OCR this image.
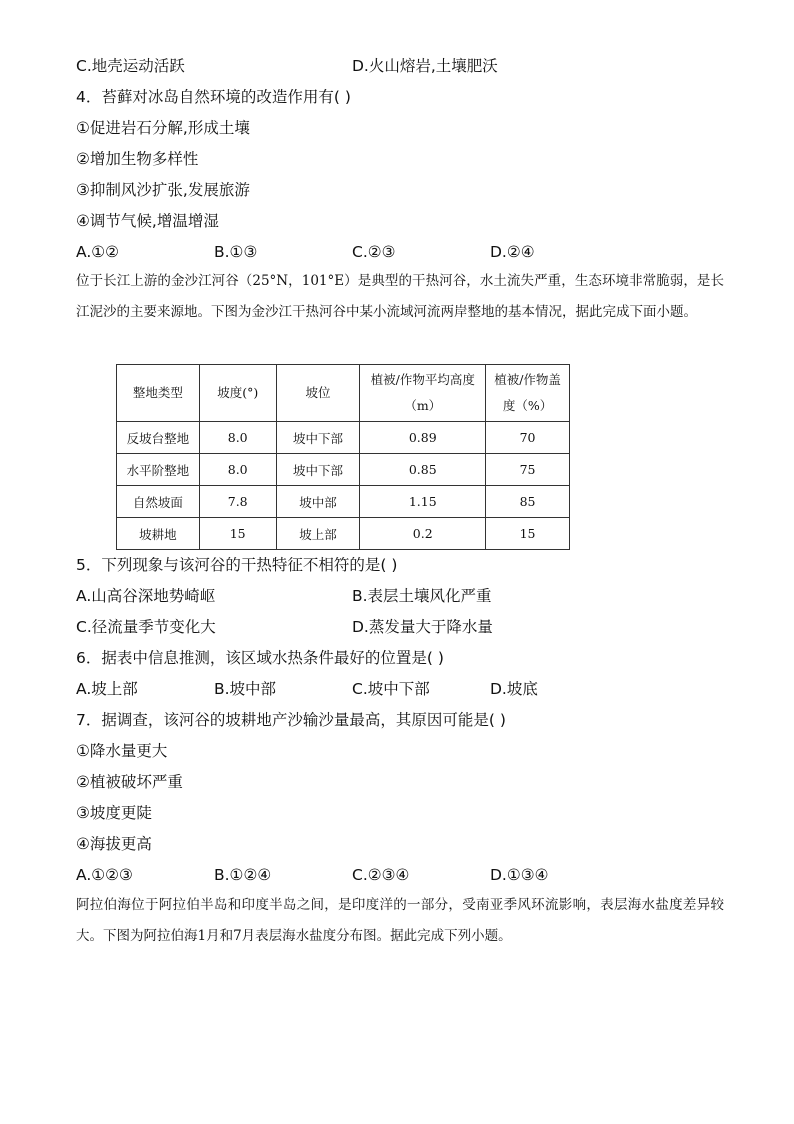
C.地壳运动活跃	D.火山熔岩,土壤肥沃
4．苔藓对冰岛自然环境的改造作用有( )
①促进岩石分解,形成土壤
②增加生物多样性
③抑制风沙扩张,发展旅游
④调节气候,增温增湿
A.①②	B.①③	C.②③	D.②④
位于长江上游的金沙江河谷（25°N，101°E）是典型的干热河谷，水土流失严重，生态环境非常脆弱，是长江泥沙的主要来源地。下图为金沙江干热河谷中某小流域河流两岸整地的基本情况，据此完成下面小题。
整地类型	坡度(°)	坡位	植被/作物平均高度（m）	植被/作物盖度（%）
反坡台整地	8.0	坡中下部	0.89	70
水平阶整地	8.0	坡中下部	0.85	75
自然坡面	7.8	坡中部	1.15	85
坡耕地	15	坡上部	0.2	15
5．下列现象与该河谷的干热特征不相符的是( )
A.山高谷深地势崎岖	B.表层土壤风化严重
C.径流量季节变化大	D.蒸发量大于降水量
6．据表中信息推测，该区域水热条件最好的位置是( )
A.坡上部	B.坡中部	C.坡中下部	D.坡底
7．据调查，该河谷的坡耕地产沙输沙量最高，其原因可能是( )
①降水量更大
②植被破坏严重
③坡度更陡
④海拔更高
A.①②③	B.①②④	C.②③④	D.①③④
阿拉伯海位于阿拉伯半岛和印度半岛之间，是印度洋的一部分，受南亚季风环流影响，表层海水盐度差异较大。下图为阿拉伯海1月和7月表层海水盐度分布图。据此完成下列小题。
